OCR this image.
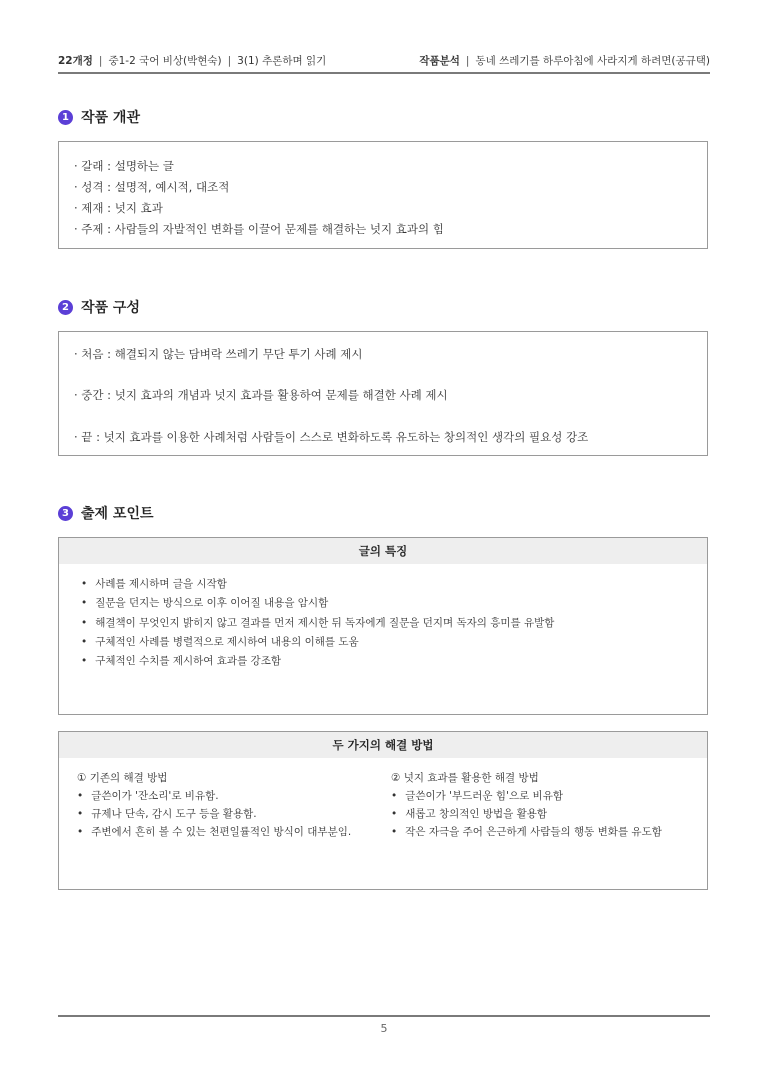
22개정 | 중1-2 국어 비상(박현숙) | 3(1) 추론하며 읽기	작품분석 | 동네 쓰레기를 하루아침에 사라지게 하려면(공규택)
1 작품 개관
· 갈래 : 설명하는 글
· 성격 : 설명적, 예시적, 대조적
· 제재 : 넛지 효과
· 주제 : 사람들의 자발적인 변화를 이끌어 문제를 해결하는 넛지 효과의 힘
2 작품 구성
· 처음 : 해결되지 않는 담벼락 쓰레기 무단 투기 사례 제시
· 중간 : 넛지 효과의 개념과 넛지 효과를 활용하여 문제를 해결한 사례 제시
· 끝 : 넛지 효과를 이용한 사례처럼 사람들이 스스로 변화하도록 유도하는 창의적인 생각의 필요성 강조
3 출제 포인트
글의 특징
• 사례를 제시하며 글을 시작함
• 질문을 던지는 방식으로 이후 이어질 내용을 암시함
• 해결책이 무엇인지 밝히지 않고 결과를 먼저 제시한 뒤 독자에게 질문을 던지며 독자의 흥미를 유발함
• 구체적인 사례를 병렬적으로 제시하여 내용의 이해를 도움
• 구체적인 수치를 제시하여 효과를 강조함
두 가지의 해결 방법
① 기존의 해결 방법
• 글쓴이가 '잔소리'로 비유함.
• 규제나 단속, 감시 도구 등을 활용함.
• 주변에서 흔히 볼 수 있는 천편일률적인 방식이 대부분임.
② 넛지 효과를 활용한 해결 방법
• 글쓴이가 '부드러운 힘'으로 비유함
• 새롭고 창의적인 방법을 활용함
• 작은 자극을 주어 은근하게 사람들의 행동 변화를 유도함
5
